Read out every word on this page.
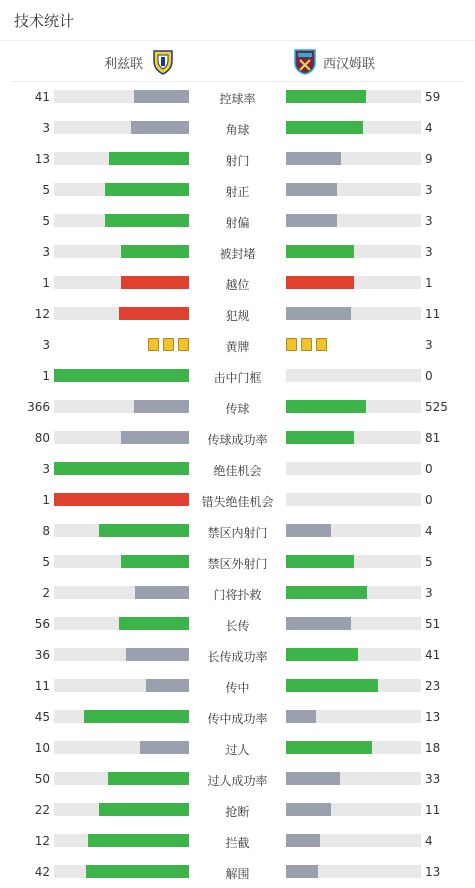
技术统计
利兹联	西汉姆联
41	控球率	59
3	角球	4
13	射门	9
5	射正	3
5	射偏	3
3	被封堵	3
1	越位	1
12	犯规	11
3	黄牌	3
1	击中门框	0
366	传球	525
80	传球成功率	81
3	绝佳机会	0
1	错失绝佳机会	0
8	禁区内射门	4
5	禁区外射门	5
2	门将扑救	3
56	长传	51
36	长传成功率	41
11	传中	23
45	传中成功率	13
10	过人	18
50	过人成功率	33
22	抢断	11
12	拦截	4
42	解围	13
